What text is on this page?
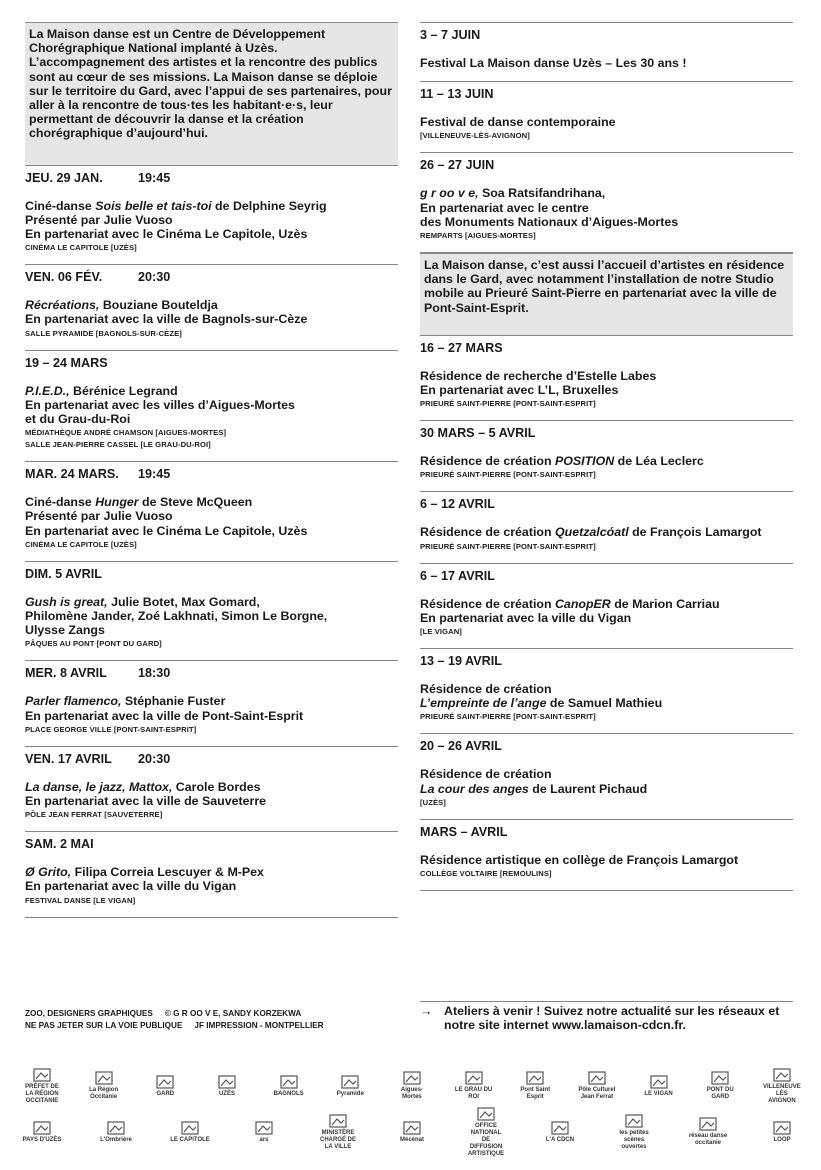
La Maison danse est un Centre de Développement Chorégraphique National implanté à Uzès. L’accompagnement des artistes et la rencontre des publics sont au cœur de ses missions. La Maison danse se déploie sur le territoire du Gard, avec l’appui de ses partenaires, pour aller à la rencontre de tous·tes les habitant·e·s, leur permettant de découvrir la danse et la création chorégraphique d’aujourd’hui.
JEU. 29 JAN.	19:45

Ciné-danse Sois belle et tais-toi de Delphine Seyrig

Présenté par Julie Vuoso

En partenariat avec le Cinéma Le Capitole, Uzès

CINÉMA LE CAPITOLE [UZÈS]
VEN. 06 FÉV.	20:30

Récréations, Bouziane Bouteldja

En partenariat avec la ville de Bagnols-sur-Cèze

SALLE PYRAMIDE [BAGNOLS-SUR-CÈZE]
19 – 24 MARS

P.I.E.D., Bérénice Legrand

En partenariat avec les villes d’Aigues-Mortes

et du Grau-du-Roi

MÉDIATHÈQUE ANDRÉ CHAMSON [AIGUES-MORTES]
SALLE JEAN-PIERRE CASSEL [LE GRAU-DU-ROI]
MAR. 24 MARS.	19:45

Ciné-danse Hunger de Steve McQueen

Présenté par Julie Vuoso

En partenariat avec le Cinéma Le Capitole, Uzès

CINÉMA LE CAPITOLE [UZÈS]
DIM. 5 AVRIL

Gush is great, Julie Botet, Max Gomard,

Philomène Jander, Zoé Lakhnati, Simon Le Borgne,

Ulysse Zangs

PÂQUES AU PONT [PONT DU GARD]
MER. 8 AVRIL	18:30

Parler flamenco, Stéphanie Fuster

En partenariat avec la ville de Pont-Saint-Esprit

PLACE GEORGE VILLE [PONT-SAINT-ESPRIT]
VEN. 17 AVRIL	20:30

La danse, le jazz, Mattox, Carole Bordes

En partenariat avec la ville de Sauveterre

PÔLE JEAN FERRAT [SAUVETERRE]
SAM. 2 MAI

Ø Grito, Filipa Correia Lescuyer & M-Pex

En partenariat avec la ville du Vigan

FESTIVAL DANSE [LE VIGAN]
3 – 7 JUIN

Festival La Maison danse Uzès – Les 30 ans !

11 – 13 JUIN

Festival de danse contemporaine

[VILLENEUVE-LÈS-AVIGNON]
26 – 27 JUIN

g r oo v e, Soa Ratsifandrihana,

En partenariat avec le centre

des Monuments Nationaux d’Aigues-Mortes

REMPARTS [AIGUES-MORTES]
La Maison danse, c’est aussi l’accueil d’artistes en résidence dans le Gard, avec notamment l’installation de notre Studio mobile au Prieuré Saint-Pierre en partenariat avec la ville de Pont-Saint-Esprit.
16 – 27 MARS

Résidence de recherche d’Estelle Labes

En partenariat avec L’L, Bruxelles

PRIEURÉ SAINT-PIERRE [PONT-SAINT-ESPRIT]
30 MARS – 5 AVRIL

Résidence de création POSITION de Léa Leclerc

PRIEURÉ SAINT-PIERRE [PONT-SAINT-ESPRIT]
6 – 12 AVRIL

Résidence de création Quetzalcóatl de François Lamargot

PRIEURÉ SAINT-PIERRE [PONT-SAINT-ESPRIT]
6 – 17 AVRIL

Résidence de création CanopER de Marion Carriau

En partenariat avec la ville du Vigan

[LE VIGAN]
13 – 19 AVRIL

Résidence de création

L’empreinte de l’ange de Samuel Mathieu

PRIEURÉ SAINT-PIERRE [PONT-SAINT-ESPRIT]
20 – 26 AVRIL

Résidence de création

La cour des anges de Laurent Pichaud

[UZÈS]
MARS – AVRIL

Résidence artistique en collège de François Lamargot

COLLÈGE VOLTAIRE [REMOULINS]
ZOO, DESIGNERS GRAPHIQUES © G R OO V E, SANDY KORZEKWA
NE PAS JETER SUR LA VOIE PUBLIQUE JF IMPRESSION - MONTPELLIER
→ Ateliers à venir ! Suivez notre actualité sur les réseaux et notre site internet www.lamaison-cdcn.fr.
PRÉFET DE LA RÉGION OCCITANIE
La Région Occitanie
GARD	UZÈS	BAGNOLS	Pyramide
Aigues-Mortes
LE GRAU DU ROI
Pont Saint Esprit
Pôle Culturel Jean Ferrat
LE VIGAN
PONT DU GARD
VILLENEUVE LÈS AVIGNON
PAYS D'UZÈS	L'Ombrière	LE CAPITOLE	ars
MINISTÈRE CHARGÉ DE LA VILLE
Mécénat
OFFICE NATIONAL DE DIFFUSION ARTISTIQUE
L'A CDCN
les petites scènes ouvertes
réseau danse occitanie
LOOP
